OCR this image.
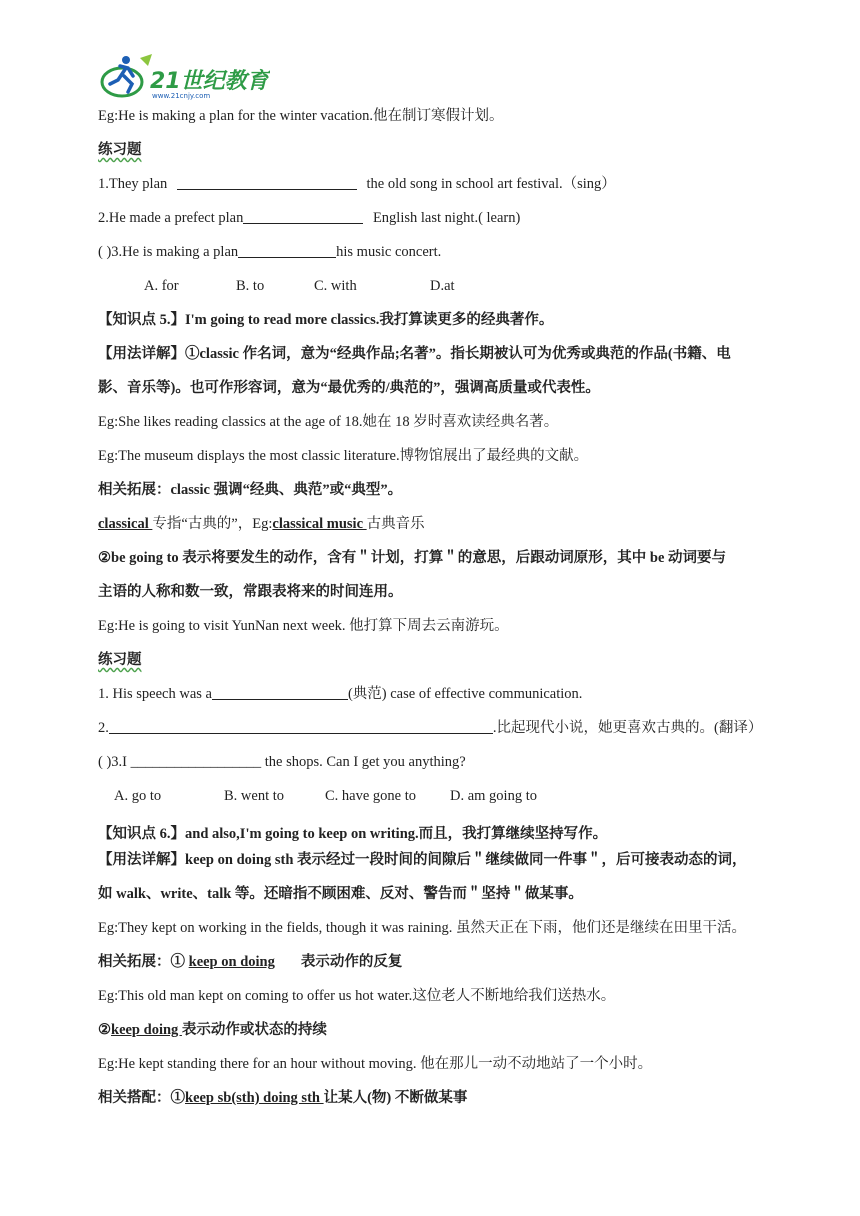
21世纪教育
www.21cnjy.com
Eg:He is making a plan for the winter vacation.他在制订寒假计划。
练习题
1.They plan	the old song in school art festival.（sing）
2.He made a prefect plan	English last night.( learn)
( )3.He is making a plan	his music concert.
A. for	B. to	C. with	D.at
【知识点 5.】I'm going to read more classics.我打算读更多的经典著作。
【用法详解】①classic 作名词，意为“经典作品;名著”。指长期被认可为优秀或典范的作品(书籍、电
影、音乐等)。也可作形容词，意为“最优秀的/典范的”，强调高质量或代表性。
Eg:She likes reading classics at the age of 18.她在 18 岁时喜欢读经典名著。
Eg:The museum displays the most classic literature.博物馆展出了最经典的文献。
相关拓展：classic 强调“经典、典范”或“典型”。
classical 专指“古典的”，Eg:classical music 古典音乐
②be going to 表示将要发生的动作，含有＂计划，打算＂的意思，后跟动词原形，其中 be 动词要与
主语的人称和数一致，常跟表将来的时间连用。
Eg:He is going to visit YunNan next week. 他打算下周去云南游玩。
练习题
1. His speech was a	(典范) case of effective communication.
2.	.比起现代小说，她更喜欢古典的。(翻译）
( )3.I __________________ the shops. Can I get you anything?
A. go to	B. went to	C. have gone to D. am going to
【知识点 6.】and also,I'm going to keep on writing.而且，我打算继续坚持写作。
【用法详解】keep on doing sth 表示经过一段时间的间隙后＂继续做同一件事＂，后可接表动态的词，
如 walk、write、talk 等。还暗指不顾困难、反对、警告而＂坚持＂做某事。
Eg:They kept on working in the fields, though it was raining. 虽然天正在下雨，他们还是继续在田里干活。
相关拓展：① keep on doing 表示动作的反复
Eg:This old man kept on coming to offer us hot water.这位老人不断地给我们送热水。
②keep doing 表示动作或状态的持续
Eg:He kept standing there for an hour without moving. 他在那儿一动不动地站了一个小时。
相关搭配：①keep sb(sth) doing sth 让某人(物) 不断做某事
